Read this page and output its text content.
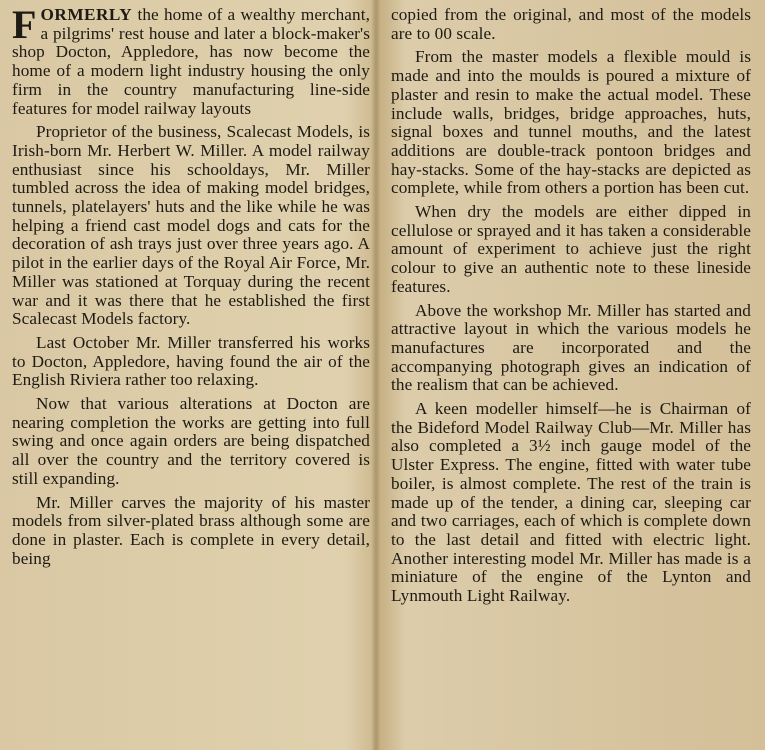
FORMERLY the home of a wealthy merchant, a pilgrims' rest house and later a block-maker's shop Docton, Appledore, has now become the home of a modern light industry housing the only firm in the country manufacturing line-side features for model railway layouts

Proprietor of the business, Scalecast Models, is Irish-born Mr. Herbert W. Miller. A model railway enthusiast since his schooldays, Mr. Miller tumbled across the idea of making model bridges, tunnels, platelayers' huts and the like while he was helping a friend cast model dogs and cats for the decoration of ash trays just over three years ago. A pilot in the earlier days of the Royal Air Force, Mr. Miller was stationed at Torquay during the recent war and it was there that he established the first Scalecast Models factory.

Last October Mr. Miller transferred his works to Docton, Appledore, having found the air of the English Riviera rather too relaxing.

Now that various alterations at Docton are nearing completion the works are getting into full swing and once again orders are being dispatched all over the country and the territory covered is still expanding.

Mr. Miller carves the majority of his master models from silver-plated brass although some are done in plaster. Each is complete in every detail, being

copied from the original, and most of the models are to 00 scale.

From the master models a flexible mould is made and into the moulds is poured a mixture of plaster and resin to make the actual model. These include walls, bridges, bridge approaches, huts, signal boxes and tunnel mouths, and the latest additions are double-track pontoon bridges and hay-stacks. Some of the hay-stacks are depicted as complete, while from others a portion has been cut.

When dry the models are either dipped in cellulose or sprayed and it has taken a considerable amount of experiment to achieve just the right colour to give an authentic note to these lineside features.

Above the workshop Mr. Miller has started and attractive layout in which the various models he manufactures are incorporated and the accompanying photograph gives an indication of the realism that can be achieved.

A keen modeller himself—he is Chairman of the Bideford Model Railway Club—Mr. Miller has also completed a 3½ inch gauge model of the Ulster Express. The engine, fitted with water tube boiler, is almost complete. The rest of the train is made up of the tender, a dining car, sleeping car and two carriages, each of which is complete down to the last detail and fitted with electric light. Another interesting model Mr. Miller has made is a miniature of the engine of the Lynton and Lynmouth Light Railway.
